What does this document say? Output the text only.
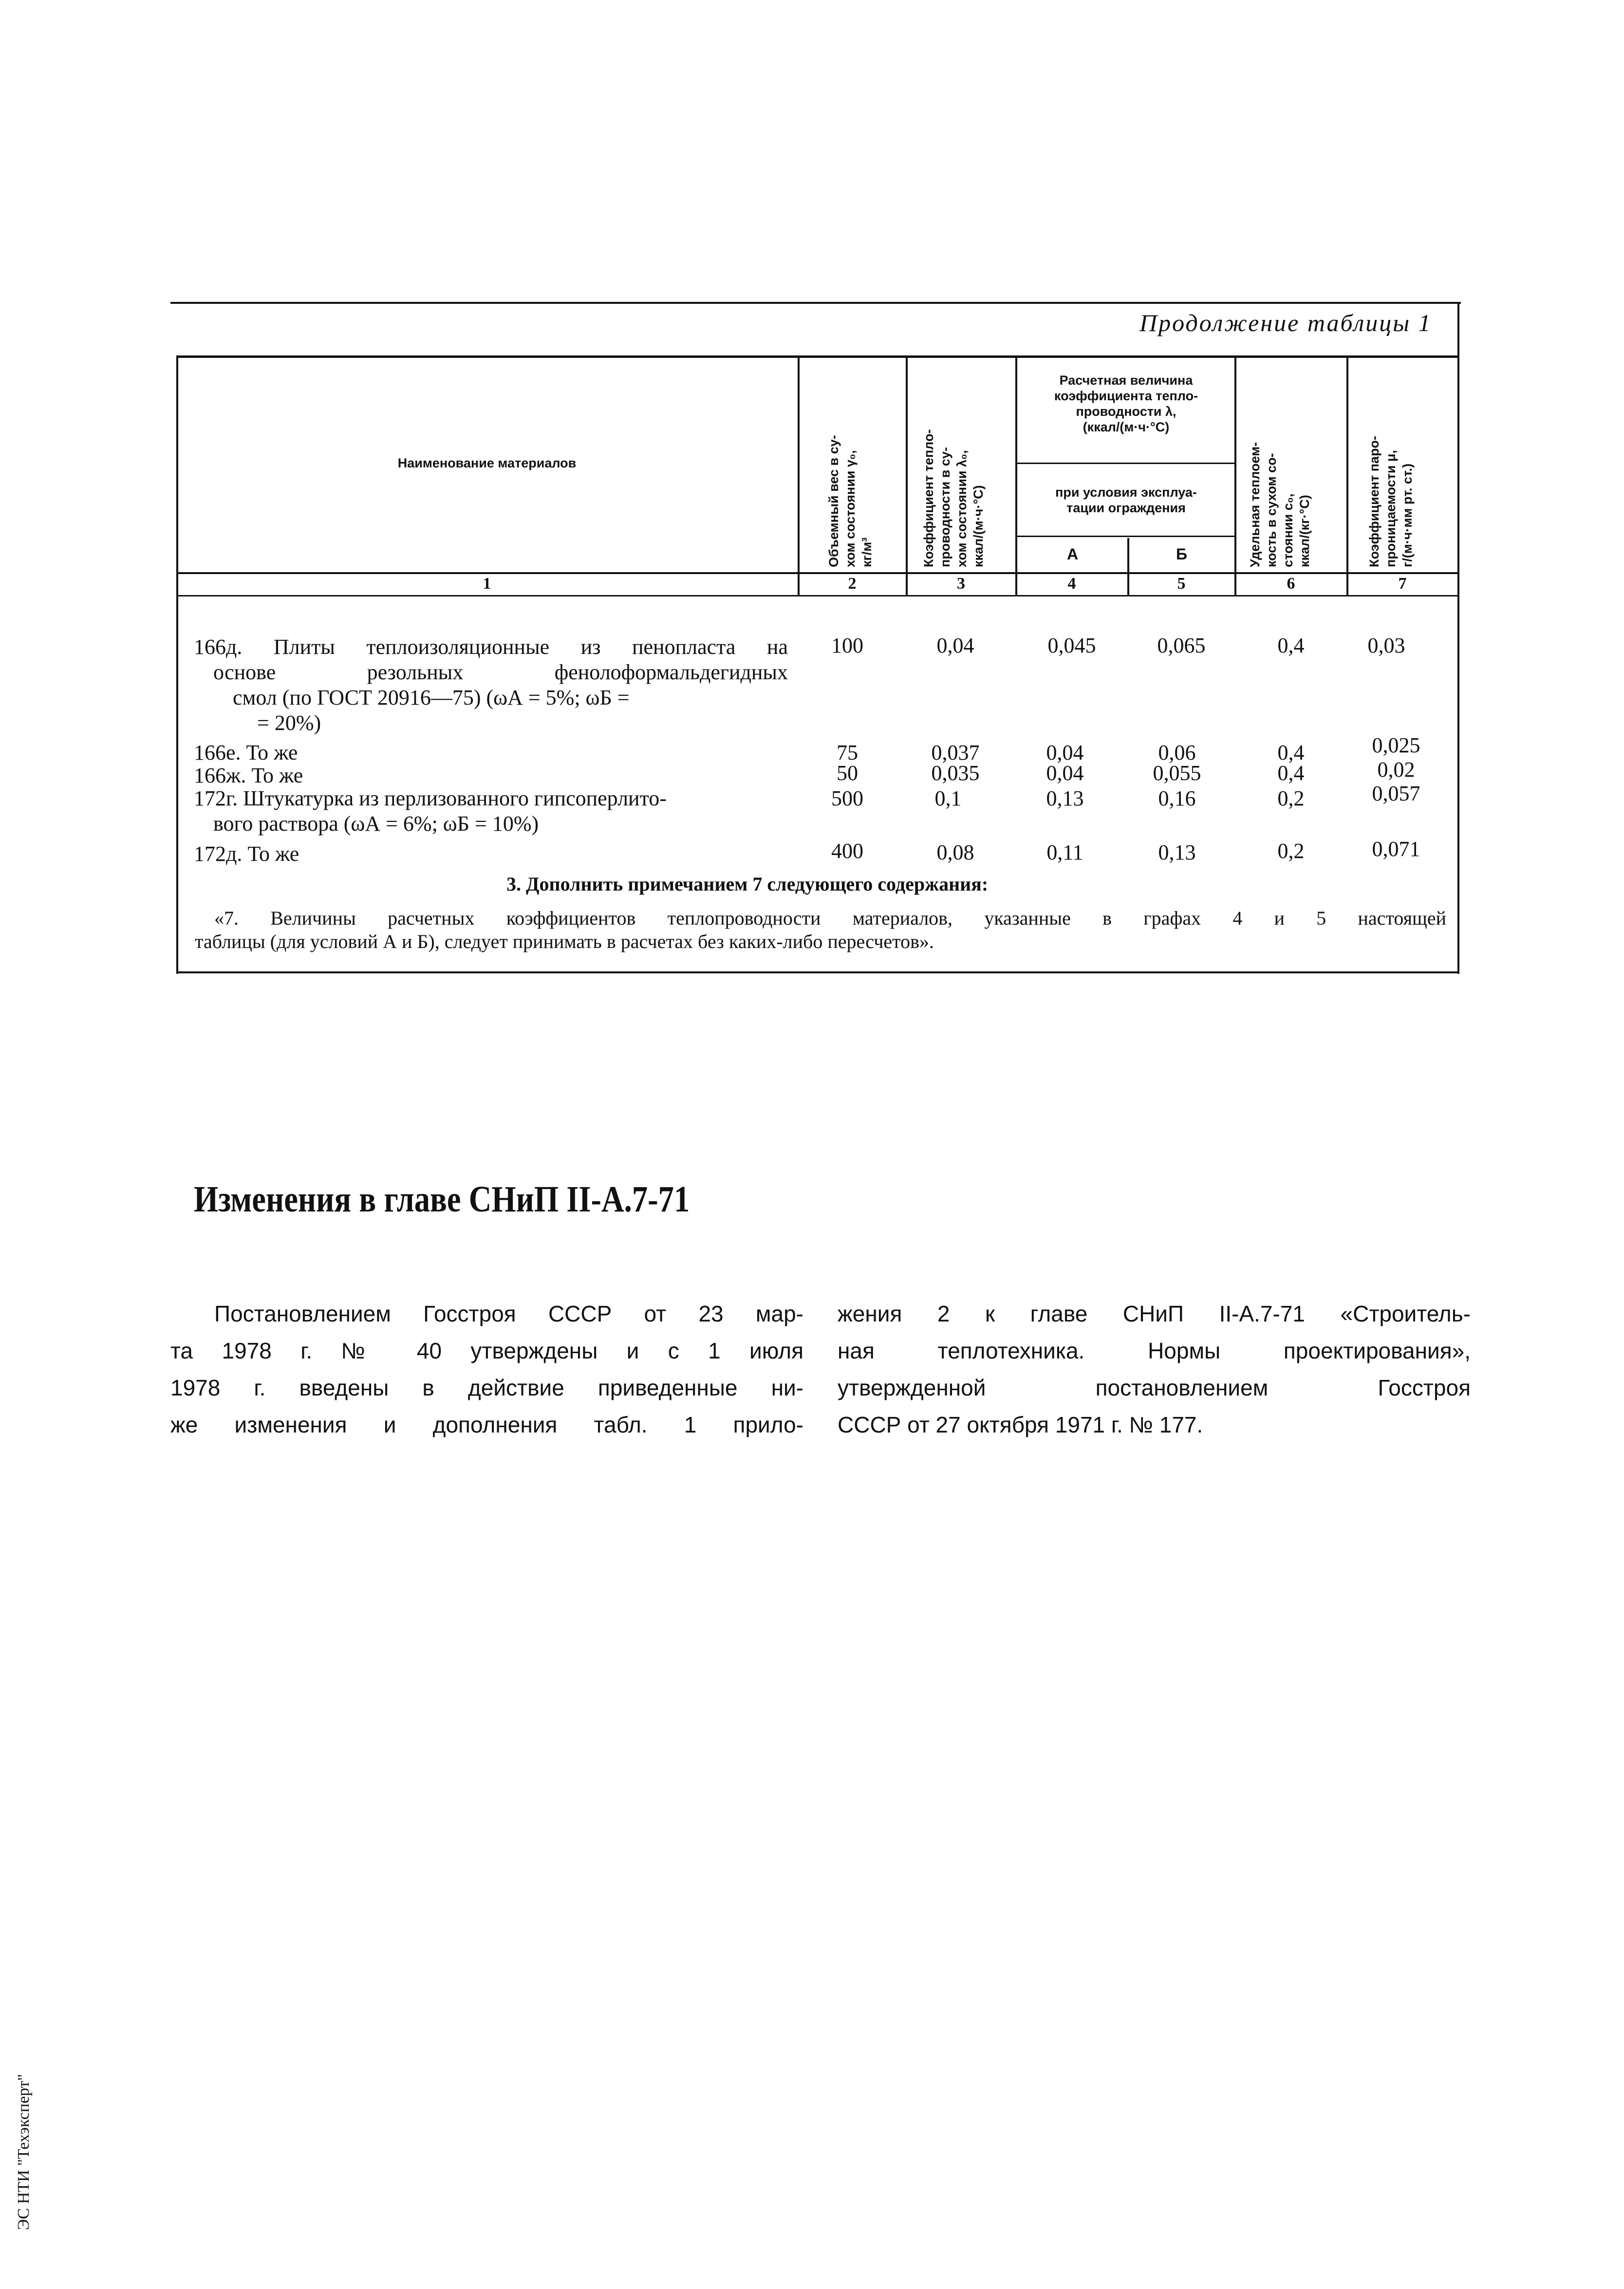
Продолжение таблицы 1
Наименование материалов	Объемный вес в су- хом состоянии γ₀, кг/м³	Коэффициент тепло- проводности в су- хом состоянии λ₀, ккал/(м·ч·°С)
Расчетная величина
коэффициента тепло-
проводности λ,
(ккал/(м·ч·°С)
при условия эксплуа-
тации ограждения
А	Б	Удельная теплоем- кость в сухом со- стоянии с₀, ккал/(кг·°С)	Коэффициент паро- проницаемости μ, г/(м·ч·мм рт. ст.)
1	2	3	4	5	6	7
166д. Плиты теплоизоляционные из пенопласта на
основе резольных фенолоформальдегидных
смол (по ГОСТ 20916—75) (ωА = 5%; ωБ =
= 20%)
100	0,04	0,045	0,065	0,4	0,03
166е. То же	75	0,037	0,04	0,06	0,4	0,025
166ж. То же	50	0,035	0,04	0,055	0,4	0,02
172г. Штукатурка из перлизованного гипсоперлито-
вого раствора (ωА = 6%; ωБ = 10%)
500	0,1	0,13	0,16	0,2	0,057
172д. То же	400	0,08	0,11	0,13	0,2	0,071
3. Дополнить примечанием 7 следующего содержания:
«7. Величины расчетных коэффициентов теплопроводности материалов, указанные в графах 4 и 5 настоящей
таблицы (для условий А и Б), следует принимать в расчетах без каких-либо пересчетов».
Изменения в главе СНиП II-А.7-71
Постановлением Госстроя СССР от 23 мар-
та 1978 г. № 40 утверждены и с 1 июля
1978 г. введены в действие приведенные ни-
же изменения и дополнения табл. 1 прило-
жения 2 к главе СНиП II-А.7-71 «Строитель-
ная теплотехника. Нормы проектирования»,
утвержденной постановлением Госстроя
СССР от 27 октября 1971 г. № 177.
ЭС НТИ "Техэксперт"
